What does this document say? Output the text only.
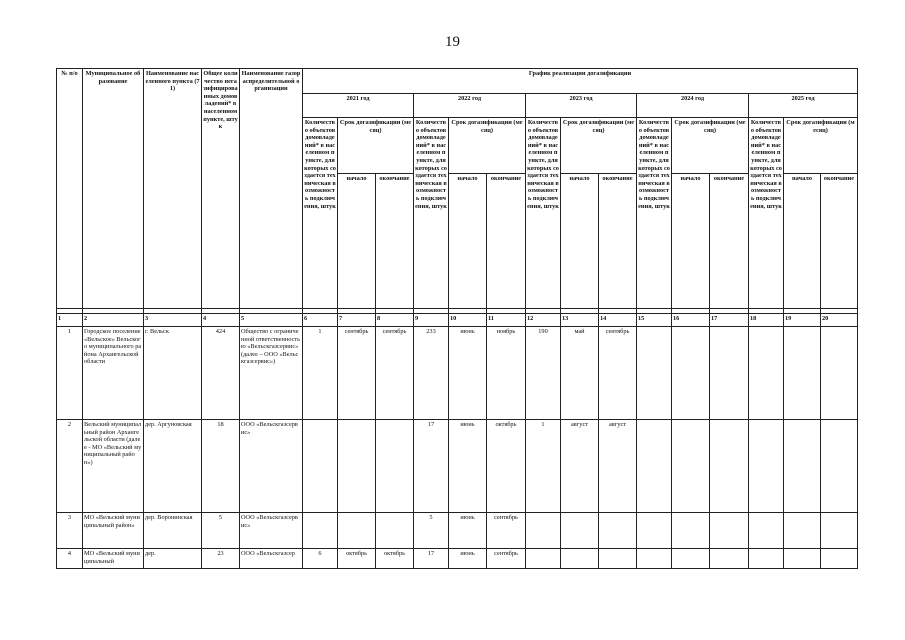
19
№ п/о	Муниципальное образование	Наименование населенного пункта (71)	Общее количество негазифицированных домовладений* в населенном пункте, штук	Наименование газораспределительной организации	График реализации догазификации														
					2021 год			2022 год			2023 год			2024 год			2025 год		
					Количество объектов домовладений* в населенном пункте, для которых создается техническая возможность подключения, штук	Срок догазификации (месяц)		Количество объектов домовладений* в населенном пункте, для которых создается техническая возможность подключения, штук	Срок догазификации (месяц)		Количество объектов домовладений* в населенном пункте, для которых создается техническая возможность подключения, штук	Срок догазификации (месяц)		Количество объектов домовладений* в населенном пункте, для которых создается техническая возможность подключения, штук	Срок догазификации (месяц)		Количество объектов домовладений* в населенном пункте, для которых создается техническая возможность подключения, штук	Срок догазификации (месяц)	
						начало	окончание		начало	окончание		начало	окончание		начало	окончание		начало	окончание

1	2	3	4	5	6	7	8	9	10	11	12	13	14	15	16	17	18	19	20
1	Городское поселение «Вельское» Вельского муниципального района Архангельской области	г. Вельск	424	Общество с ограниченной ответственностью «Вельскгазсервис» (далее – ООО «Вельскгазсервис»)	1	сентябрь	сентябрь	233	июнь	ноябрь	190	май	сентябрь						
2	Вельский муниципальный район Архангельской области (далее - МО «Вельский муниципальный район»)	дер. Аргуновская	18	ООО «Вельскгазсервис»				17	июнь	октябрь	1	август	август						
3	МО «Вельский муниципальный район»	дер. Воронинская	5	ООО «Вельскгазсервис»				5	июнь	сентябрь									
4	МО «Вельский муниципальный	дер.	23	ООО «Вельскгазсер	6	октябрь	октябрь	17	июнь	сентябрь									
